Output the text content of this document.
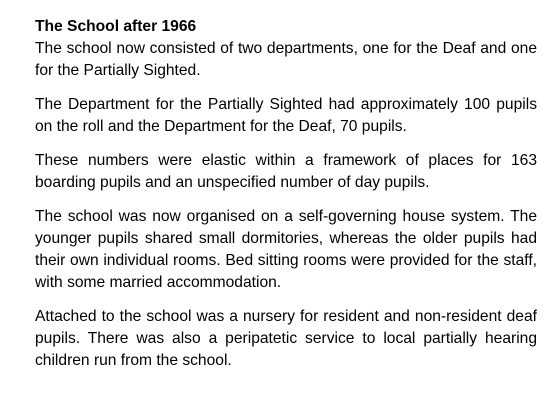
The School after 1966

The school now consisted of two departments, one for the Deaf and one for the Partially Sighted.

The Department for the Partially Sighted had approximately 100 pupils on the roll and the Department for the Deaf, 70 pupils.

These numbers were elastic within a framework of places for 163 boarding pupils and an unspecified number of day pupils.

The school was now organised on a self-governing house system. The younger pupils shared small dormitories, whereas the older pupils had their own individual rooms. Bed sitting rooms were provided for the staff, with some married accommodation.

Attached to the school was a nursery for resident and non-resident deaf pupils. There was also a peripatetic service to local partially hearing children run from the school.
